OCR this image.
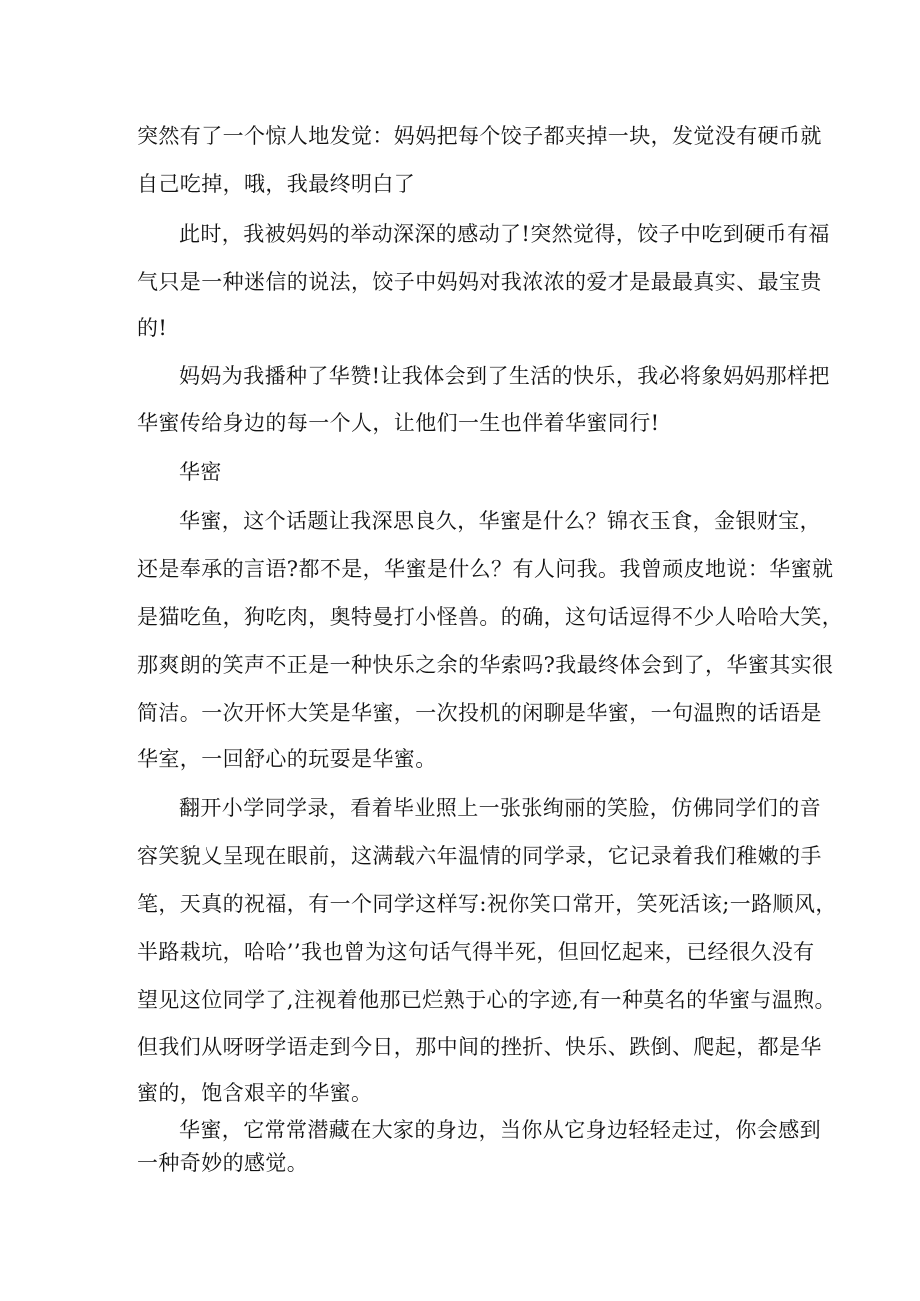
突然有了一个惊人地发觉：妈妈把每个饺子都夹掉一块，发觉没有硬币就
自己吃掉，哦，我最终明白了
此时，我被妈妈的举动深深的感动了!突然觉得，饺子中吃到硬币有福
气只是一种迷信的说法，饺子中妈妈对我浓浓的爱才是最最真实、最宝贵
的!
妈妈为我播种了华赞!让我体会到了生活的快乐，我必将象妈妈那样把
华蜜传给身边的每一个人，让他们一生也伴着华蜜同行!
华密
华蜜，这个话题让我深思良久，华蜜是什么？锦衣玉食，金银财宝，
还是奉承的言语?都不是，华蜜是什么？有人问我。我曾顽皮地说：华蜜就
是猫吃鱼，狗吃肉，奥特曼打小怪兽。的确，这句话逗得不少人哈哈大笑，
那爽朗的笑声不正是一种快乐之余的华索吗?我最终体会到了，华蜜其实很
简洁。一次开怀大笑是华蜜，一次投机的闲聊是华蜜，一句温煦的话语是
华室，一回舒心的玩耍是华蜜。
翻开小学同学录，看着毕业照上一张张绚丽的笑脸，仿佛同学们的音
容笑貌乂呈现在眼前，这满载六年温情的同学录，它记录着我们稚嫩的手
笔，天真的祝福，有一个同学这样写:祝你笑口常开，笑死活该;一路顺风，
半路栽坑，哈哈’’我也曾为这句话气得半死，但回忆起来，已经很久没有
望见这位同学了,注视着他那已烂熟于心的字迹,有一种莫名的华蜜与温煦。
但我们从呀呀学语走到今日，那中间的挫折、快乐、跌倒、爬起，都是华
蜜的，饱含艰辛的华蜜。
华蜜，它常常潜藏在大家的身边，当你从它身边轻轻走过，你会感到
一种奇妙的感觉。
